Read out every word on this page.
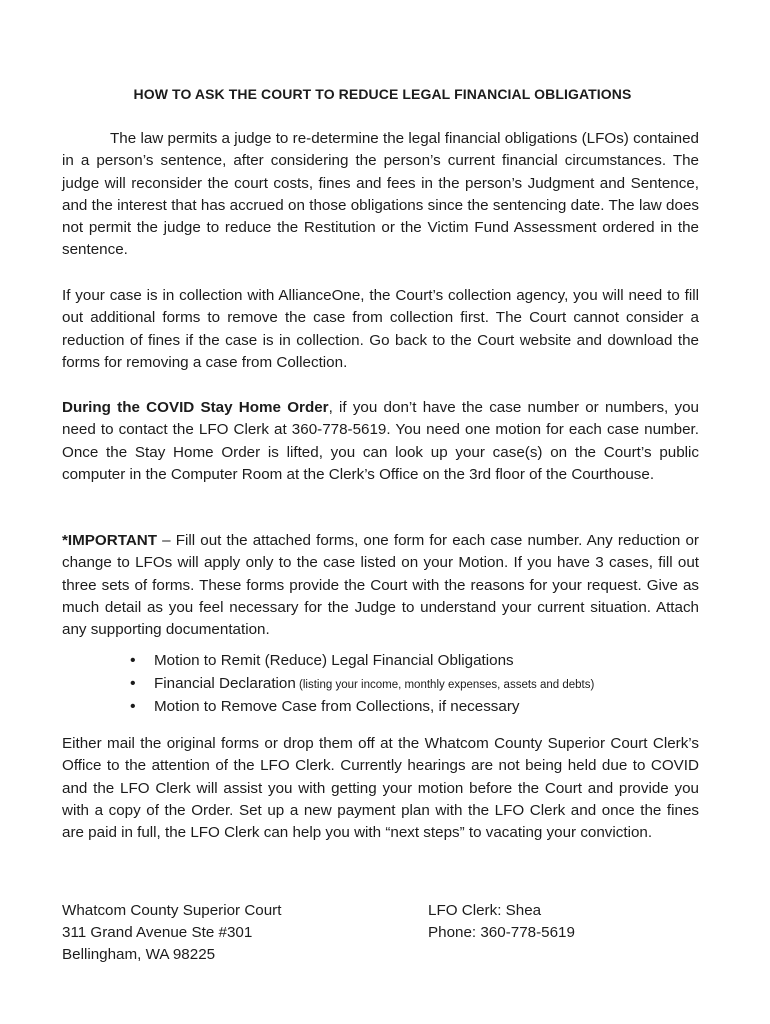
HOW TO ASK THE COURT TO REDUCE LEGAL FINANCIAL OBLIGATIONS

The law permits a judge to re-determine the legal financial obligations (LFOs) contained in a person’s sentence, after considering the person’s current financial circumstances. The judge will reconsider the court costs, fines and fees in the person’s Judgment and Sentence, and the interest that has accrued on those obligations since the sentencing date. The law does not permit the judge to reduce the Restitution or the Victim Fund Assessment ordered in the sentence.

If your case is in collection with AllianceOne, the Court’s collection agency, you will need to fill out additional forms to remove the case from collection first. The Court cannot consider a reduction of fines if the case is in collection. Go back to the Court website and download the forms for removing a case from Collection.

During the COVID Stay Home Order, if you don’t have the case number or numbers, you need to contact the LFO Clerk at 360-778-5619. You need one motion for each case number. Once the Stay Home Order is lifted, you can look up your case(s) on the Court’s public computer in the Computer Room at the Clerk’s Office on the 3rd floor of the Courthouse.

*IMPORTANT – Fill out the attached forms, one form for each case number. Any reduction or change to LFOs will apply only to the case listed on your Motion. If you have 3 cases, fill out three sets of forms. These forms provide the Court with the reasons for your request. Give as much detail as you feel necessary for the Judge to understand your current situation. Attach any supporting documentation.

• Motion to Remit (Reduce) Legal Financial Obligations
• Financial Declaration (listing your income, monthly expenses, assets and debts)
• Motion to Remove Case from Collections, if necessary

Either mail the original forms or drop them off at the Whatcom County Superior Court Clerk’s Office to the attention of the LFO Clerk. Currently hearings are not being held due to COVID and the LFO Clerk will assist you with getting your motion before the Court and provide you with a copy of the Order. Set up a new payment plan with the LFO Clerk and once the fines are paid in full, the LFO Clerk can help you with “next steps” to vacating your conviction.

Whatcom County Superior Court
311 Grand Avenue Ste #301
Bellingham, WA 98225
LFO Clerk: Shea
Phone: 360-778-5619
